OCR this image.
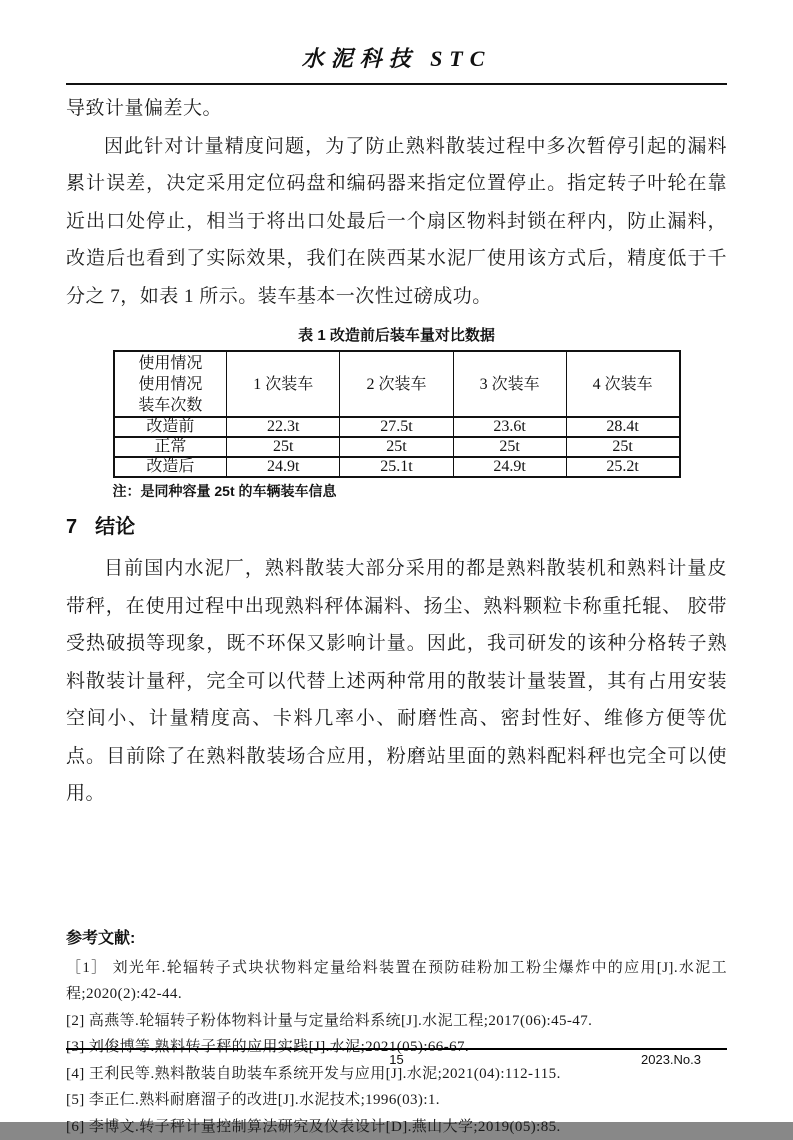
水泥科技 STC

导致计量偏差大。

因此针对计量精度问题，为了防止熟料散装过程中多次暂停引起的漏料累计误差，决定采用定位码盘和编码器来指定位置停止。指定转子叶轮在靠近出口处停止，相当于将出口处最后一个扇区物料封锁在秤内，防止漏料，改造后也看到了实际效果，我们在陕西某水泥厂使用该方式后，精度低于千分之 7，如表 1 所示。装车基本一次性过磅成功。

表 1 改造前后装车量对比数据
使用情况
使用情况
装车次数	1 次装车	2 次装车	3 次装车	4 次装车
改造前	22.3t	27.5t	23.6t	28.4t
正常	25t	25t	25t	25t
改造后	24.9t	25.1t	24.9t	25.2t
注：是同种容量 25t 的车辆装车信息
7 结论

目前国内水泥厂，熟料散装大部分采用的都是熟料散装机和熟料计量皮带秤，在使用过程中出现熟料秤体漏料、扬尘、熟料颗粒卡称重托辊、 胶带受热破损等现象，既不环保又影响计量。因此，我司研发的该种分格转子熟料散装计量秤，完全可以代替上述两种常用的散装计量装置，其有占用安装空间小、计量精度高、卡料几率小、耐磨性高、密封性好、维修方便等优点。目前除了在熟料散装场合应用，粉磨站里面的熟料配料秤也完全可以使用。

参考文献:
［1］ 刘光年.轮辐转子式块状物料定量给料装置在预防硅粉加工粉尘爆炸中的应用[J].水泥工程;2020(2):42-44.
[2] 高燕等.轮辐转子粉体物料计量与定量给料系统[J].水泥工程;2017(06):45-47.
[3] 刘俊博等.熟料转子秤的应用实践[J].水泥;2021(05):66-67.
[4] 王利民等.熟料散装自助装车系统开发与应用[J].水泥;2021(04):112-115.
[5] 李正仁.熟料耐磨溜子的改进[J].水泥技术;1996(03):1.
[6] 李博文.转子秤计量控制算法研究及仪表设计[D].燕山大学;2019(05):85.
15	2023.No.3
